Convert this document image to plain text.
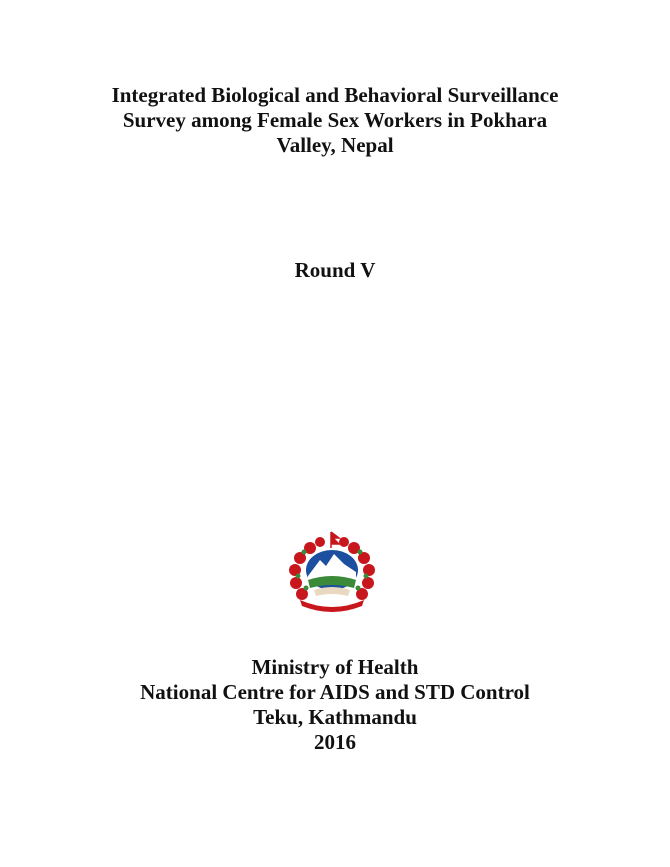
Integrated Biological and Behavioral Surveillance
Survey among Female Sex Workers in Pokhara
Valley, Nepal
Round V
Ministry of Health
National Centre for AIDS and STD Control
Teku, Kathmandu
2016
